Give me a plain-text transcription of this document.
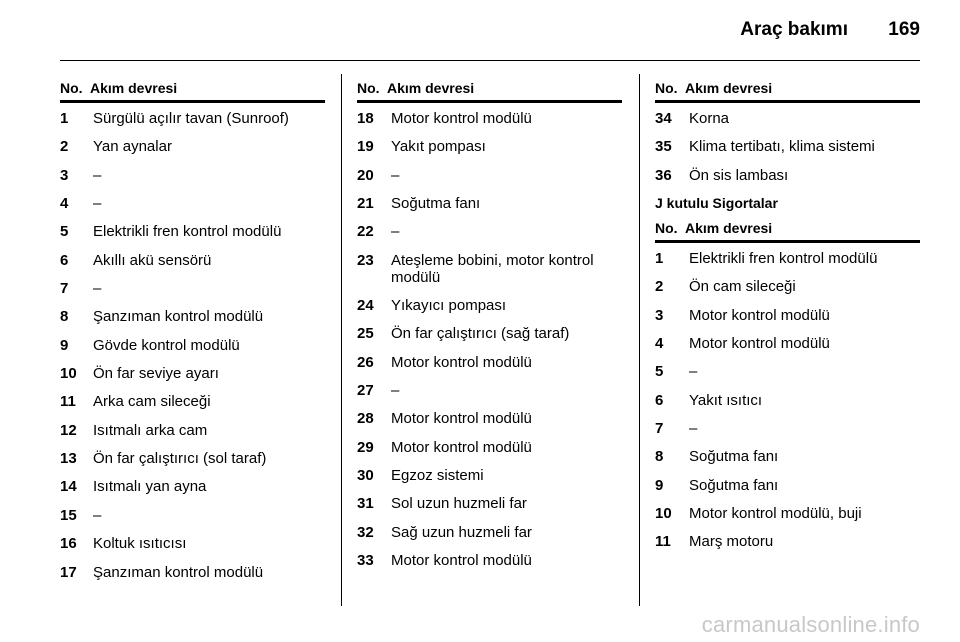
Araç bakımı 169
No. Akım devresi
1	Sürgülü açılır tavan (Sunroof)
2	Yan aynalar
3	–
4	–
5	Elektrikli fren kontrol modülü
6	Akıllı akü sensörü
7	–
8	Şanzıman kontrol modülü
9	Gövde kontrol modülü
10	Ön far seviye ayarı
11	Arka cam sileceği
12	Isıtmalı arka cam
13	Ön far çalıştırıcı (sol taraf)
14	Isıtmalı yan ayna
15	–
16	Koltuk ısıtıcısı
17	Şanzıman kontrol modülü
No. Akım devresi
18	Motor kontrol modülü
19	Yakıt pompası
20	–
21	Soğutma fanı
22	–
23	Ateşleme bobini, motor kontrol modülü
24	Yıkayıcı pompası
25	Ön far çalıştırıcı (sağ taraf)
26	Motor kontrol modülü
27	–
28	Motor kontrol modülü
29	Motor kontrol modülü
30	Egzoz sistemi
31	Sol uzun huzmeli far
32	Sağ uzun huzmeli far
33	Motor kontrol modülü
No. Akım devresi
34	Korna
35	Klima tertibatı, klima sistemi
36	Ön sis lambası
J kutulu Sigortalar
No. Akım devresi
1	Elektrikli fren kontrol modülü
2	Ön cam sileceği
3	Motor kontrol modülü
4	Motor kontrol modülü
5	–
6	Yakıt ısıtıcı
7	–
8	Soğutma fanı
9	Soğutma fanı
10	Motor kontrol modülü, buji
11	Marş motoru
carmanualsonline.info
